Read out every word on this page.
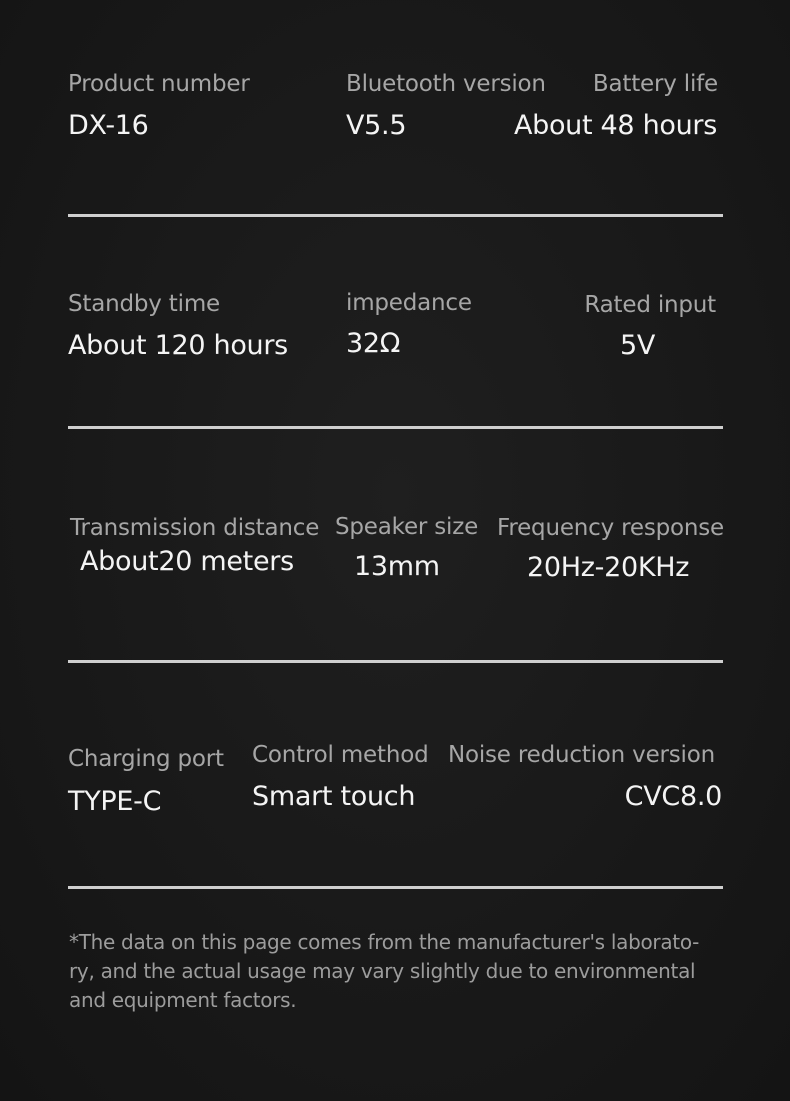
Product number
DX-16
Bluetooth version
V5.5
Battery life
About 48 hours
Standby time
About 120 hours
impedance
32Ω
Rated input
5V
Transmission distance
About20 meters
Speaker size
13mm
Frequency response
20Hz-20KHz
Charging port
TYPE-C
Control method
Smart touch
Noise reduction version
CVC8.0
*The data on this page comes from the manufacturer's laborato-
ry, and the actual usage may vary slightly due to environmental
and equipment factors.
